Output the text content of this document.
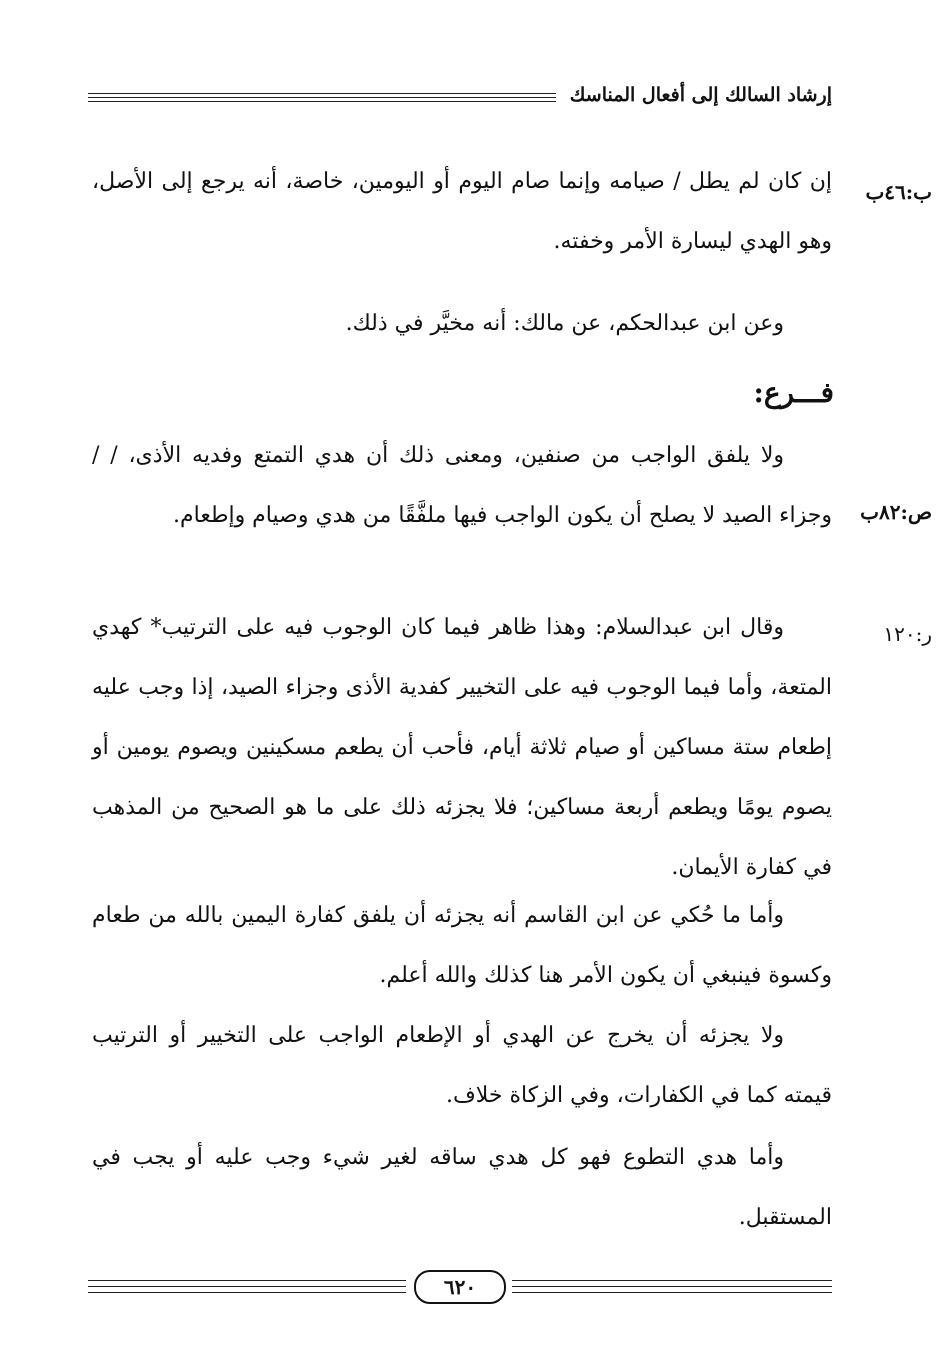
إرشاد السالك إلى أفعال المناسك
ب:٤٦ب

إن كان لم يطل / صيامه وإنما صام اليوم أو اليومين، خاصة، أنه يرجع إلى الأصل، وهو الهدي ليسارة الأمر وخفته.

وعن ابن عبدالحكم، عن مالك: أنه مخيَّر في ذلك.

فـــرع:
ص:٨٢ب

ولا يلفق الواجب من صنفين، ومعنى ذلك أن هدي التمتع وفديه الأذى، / /وجزاء الصيد لا يصلح أن يكون الواجب فيها ملفَّقًا من هدي وصيام وإطعام.

ر:١٢٠

وقال ابن عبدالسلام: وهذا ظاهر فيما كان الوجوب فيه على الترتيب* كهدي المتعة، وأما فيما الوجوب فيه على التخيير كفدية الأذى وجزاء الصيد، إذا وجب عليه إطعام ستة مساكين أو صيام ثلاثة أيام، فأحب أن يطعم مسكينين ويصوم يومين أو يصوم يومًا ويطعم أربعة مساكين؛ فلا يجزئه ذلك على ما هو الصحيح من المذهب في كفارة الأيمان.

وأما ما حُكي عن ابن القاسم أنه يجزئه أن يلفق كفارة اليمين بالله من طعام وكسوة فينبغي أن يكون الأمر هنا كذلك والله أعلم.

ولا يجزئه أن يخرج عن الهدي أو الإطعام الواجب على التخيير أو الترتيب قيمته كما في الكفارات، وفي الزكاة خلاف.

وأما هدي التطوع فهو كل هدي ساقه لغير شيء وجب عليه أو يجب في المستقبل.

٦٢٠
